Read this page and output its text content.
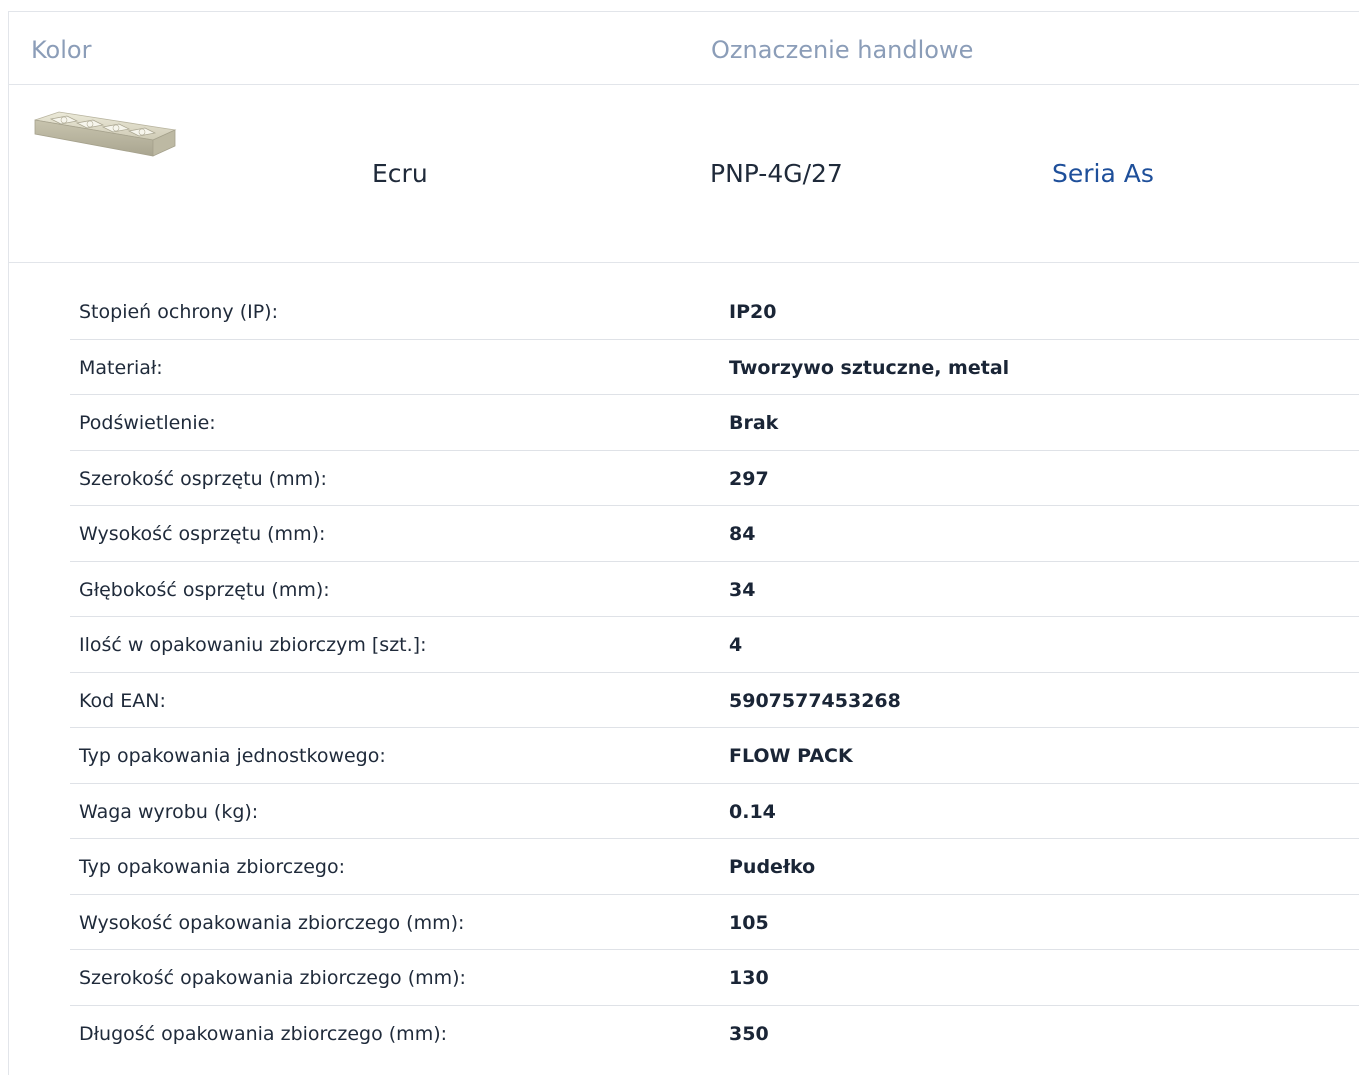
Kolor	Oznaczenie handlowe
Ecru	PNP-4G/27	Seria As
Stopień ochrony (IP):	IP20
Materiał:	Tworzywo sztuczne, metal
Podświetlenie:	Brak
Szerokość osprzętu (mm):	297
Wysokość osprzętu (mm):	84
Głębokość osprzętu (mm):	34
Ilość w opakowaniu zbiorczym [szt.]:	4
Kod EAN:	5907577453268
Typ opakowania jednostkowego:	FLOW PACK
Waga wyrobu (kg):	0.14
Typ opakowania zbiorczego:	Pudełko
Wysokość opakowania zbiorczego (mm):	105
Szerokość opakowania zbiorczego (mm):	130
Długość opakowania zbiorczego (mm):	350
